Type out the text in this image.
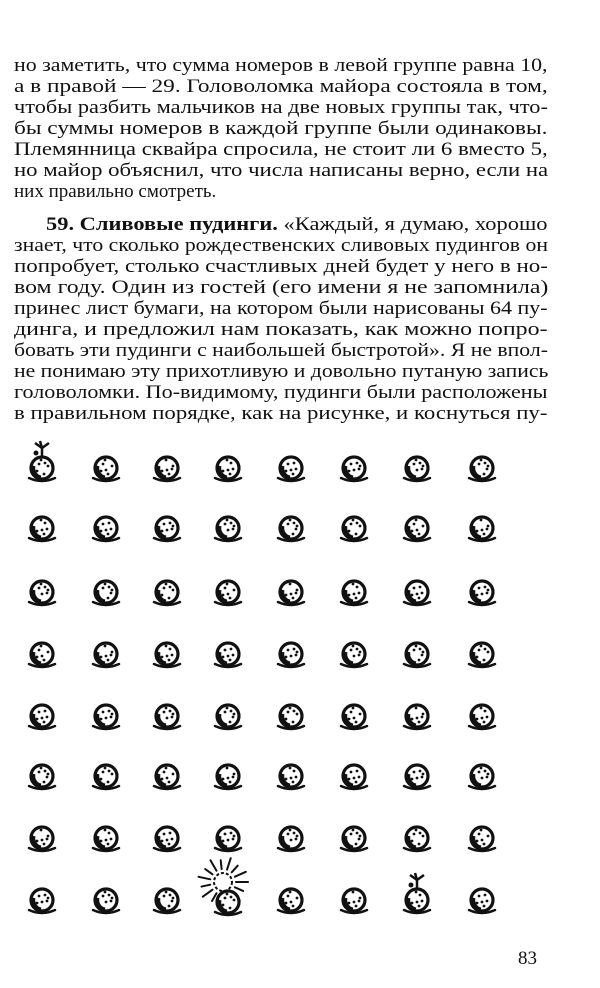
но заметить, что сумма номеров в левой группе равна 10,
а в правой — 29. Головоломка майора состояла в том,
чтобы разбить мальчиков на две новых группы так, что-
бы суммы номеров в каждой группе были одинаковы.
Племянница сквайра спросила, не стоит ли 6 вместо 5,
но майор объяснил, что числа написаны верно, если на
них правильно смотреть.
59. Сливовые пудинги. «Каждый, я думаю, хорошо
знает, что сколько рождественских сливовых пудингов он
попробует, столько счастливых дней будет у него в но-
вом году. Один из гостей (его имени я не запомнила)
принес лист бумаги, на котором были нарисованы 64 пу-
динга, и предложил нам показать, как можно попро-
бовать эти пудинги с наибольшей быстротой». Я не впол-
не понимаю эту прихотливую и довольно путаную запись
головоломки. По-видимому, пудинги были расположены
в правильном порядке, как на рисунке, и коснуться пу-
83
